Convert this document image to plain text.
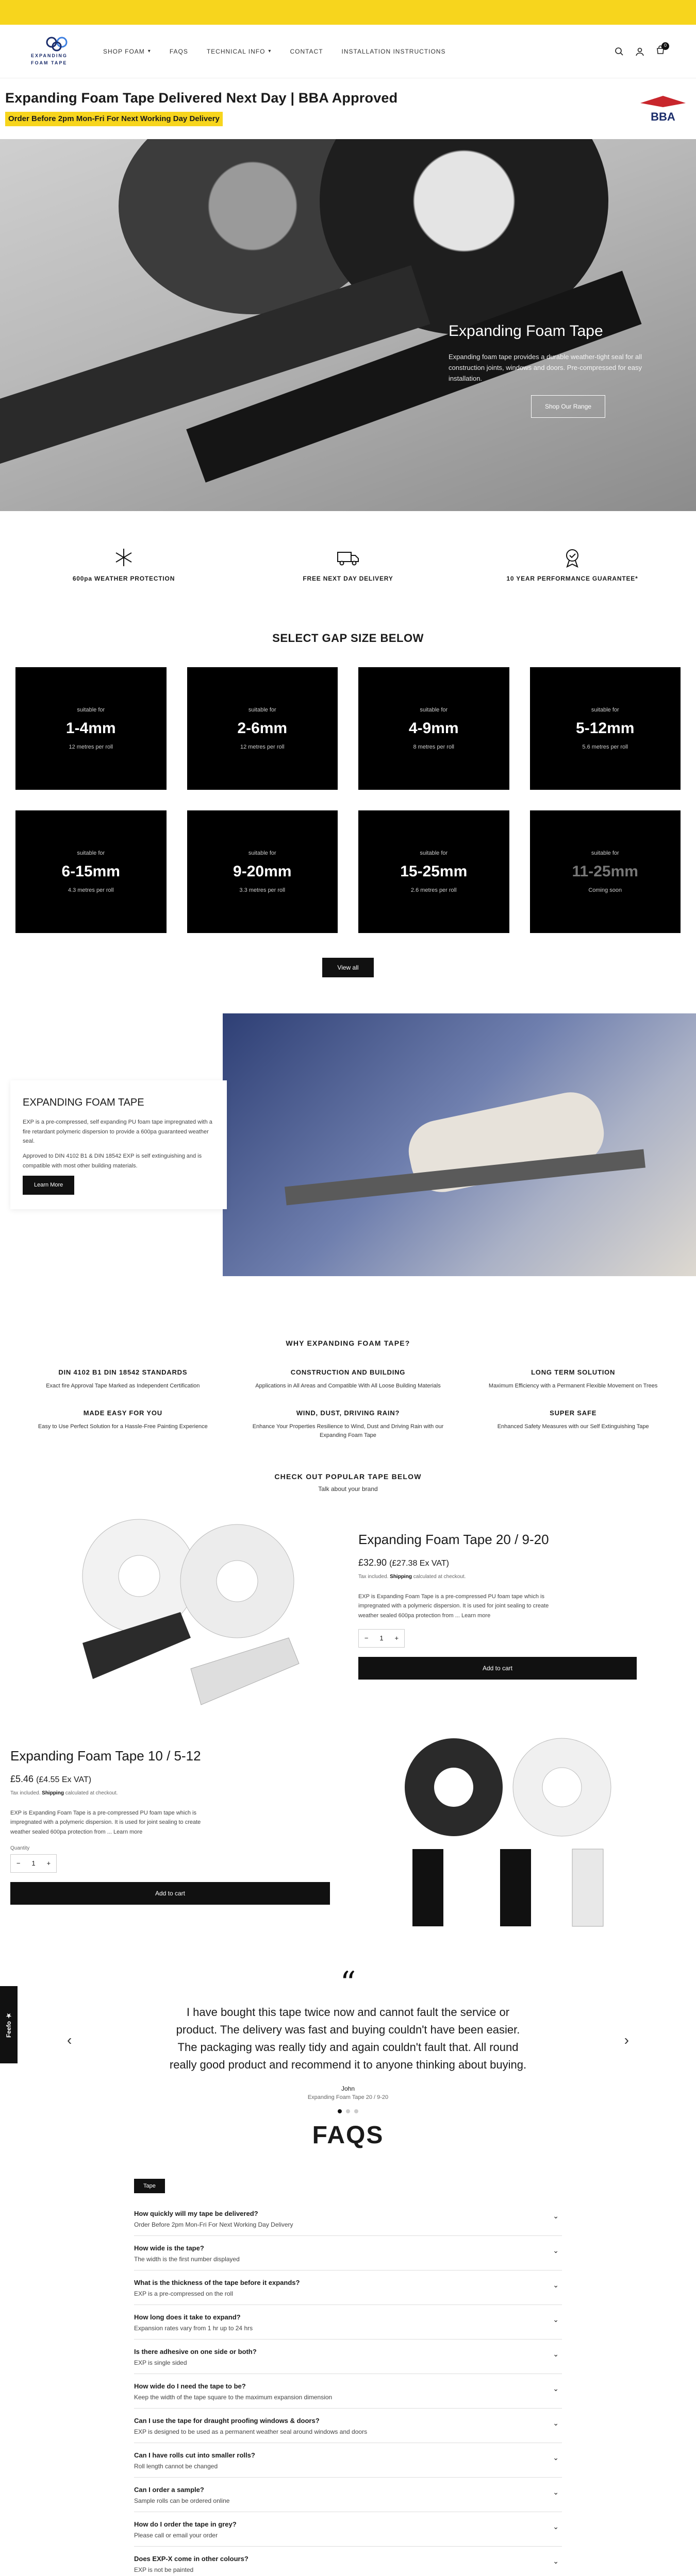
EXPANDING FOAM TAPE
SHOP FOAM ▾	FAQS	TECHNICAL INFO ▾	CONTACT	INSTALLATION INSTRUCTIONS
0
Expanding Foam Tape Delivered Next Day | BBA Approved
Order Before 2pm Mon-Fri For Next Working Day Delivery	BBA
Expanding Foam Tape

Expanding foam tape provides a durable weather-tight seal for all construction joints, windows and doors. Pre-compressed for easy installation.

Shop Our Range

600pa WEATHER PROTECTION	FREE NEXT DAY DELIVERY	10 YEAR PERFORMANCE GUARANTEE*

SELECT GAP SIZE BELOW
suitable for
1-4mm
12 metres per roll
suitable for
2-6mm
12 metres per roll
suitable for
4-9mm
8 metres per roll
suitable for
5-12mm
5.6 metres per roll
suitable for
6-15mm
4.3 metres per roll
suitable for
9-20mm
3.3 metres per roll
suitable for
15-25mm
2.6 metres per roll
suitable for
11-25mm
Coming soon
View all
EXPANDING FOAM TAPE

EXP is a pre-compressed, self expanding PU foam tape impregnated with a fire retardant polymeric dispersion to provide a 600pa guaranteed weather seal.

Approved to DIN 4102 B1 & DIN 18542 EXP is self extinguishing and is compatible with most other building materials.

Learn More
WHY EXPANDING FOAM TAPE?
DIN 4102 B1 DIN 18542 STANDARDS
Exact fire Approval Tape Marked as Independent Certification
CONSTRUCTION AND BUILDING
Applications in All Areas and Compatible With All Loose Building Materials
LONG TERM SOLUTION
Maximum Efficiency with a Permanent Flexible Movement on Trees
MADE EASY FOR YOU
Easy to Use Perfect Solution for a Hassle-Free Painting Experience
WIND, DUST, DRIVING RAIN?
Enhance Your Properties Resilience to Wind, Dust and Driving Rain with our Expanding Foam Tape
SUPER SAFE
Enhanced Safety Measures with our Self Extinguishing Tape
CHECK OUT POPULAR TAPE BELOW
Talk about your brand
Expanding Foam Tape 20 / 9-20
£32.90 (£27.38 Ex VAT)
Tax included. Shipping calculated at checkout.
EXP is Expanding Foam Tape is a pre-compressed PU foam tape which is impregnated with a polymeric dispersion. It is used for joint sealing to create weather sealed 600pa protection from ... Learn more
− 1 +
Add to cart
Expanding Foam Tape 10 / 5-12
£5.46 (£4.55 Ex VAT)
Tax included. Shipping calculated at checkout.
EXP is Expanding Foam Tape is a pre-compressed PU foam tape which is impregnated with a polymeric dispersion. It is used for joint sealing to create weather sealed 600pa protection from ... Learn more
Quantity
− 1 +
Add to cart
“
I have bought this tape twice now and cannot fault the service or product. The delivery was fast and buying couldn't have been easier. The packaging was really tidy and again couldn't fault that. All round really good product and recommend it to anyone thinking about buying.
John
Expanding Foam Tape 20 / 9-20
‹	›
FAQS
Tape
How quickly will my tape be delivered?
Order Before 2pm Mon-Fri For Next Working Day Delivery
⌄
How wide is the tape?
The width is the first number displayed
⌄
What is the thickness of the tape before it expands?
EXP is a pre-compressed on the roll
⌄
How long does it take to expand?
Expansion rates vary from 1 hr up to 24 hrs
⌄
Is there adhesive on one side or both?
EXP is single sided
⌄
How wide do I need the tape to be?
Keep the width of the tape square to the maximum expansion dimension
⌄
Can I use the tape for draught proofing windows & doors?
EXP is designed to be used as a permanent weather seal around windows and doors
⌄
Can I have rolls cut into smaller rolls?
Roll length cannot be changed
⌄
Can I order a sample?
Sample rolls can be ordered online
⌄
How do I order the tape in grey?
Please call or email your order
⌄
Does EXP-X come in other colours?
EXP is not be painted
⌄
Feefo ★
